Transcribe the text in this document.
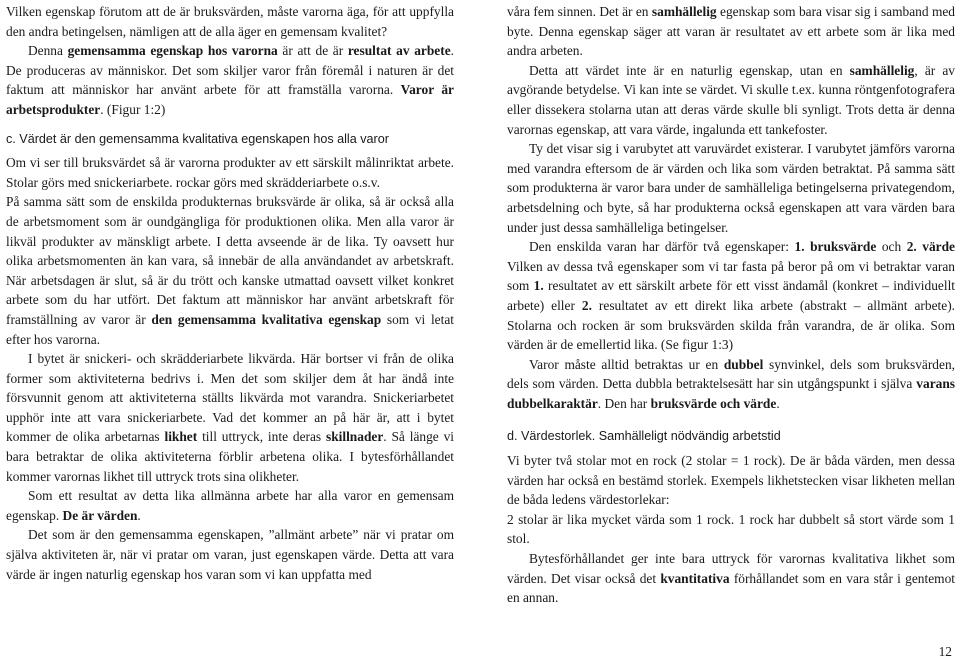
Vilken egenskap förutom att de är bruksvärden, måste varorna äga, för att uppfylla den andra betingelsen, nämligen att de alla äger en gemensam kvalitet?

Denna gemensamma egenskap hos varorna är att de är resultat av arbete. De produceras av människor. Det som skiljer varor från föremål i naturen är det faktum att människor har använt arbete för att framställa varorna. Varor är arbetsprodukter. (Figur 1:2)

c. Värdet är den gemensamma kvalitativa egenskapen hos alla varor

Om vi ser till bruksvärdet så är varorna produkter av ett särskilt målinriktat arbete. Stolar görs med snickeriarbete. rockar görs med skrädderiarbete o.s.v.

På samma sätt som de enskilda produkternas bruksvärde är olika, så är också alla de arbetsmoment som är oundgängliga för produktionen olika. Men alla varor är likväl produkter av mänskligt arbete. I detta avseende är de lika. Ty oavsett hur olika arbetsmomenten än kan vara, så innebär de alla användandet av arbetskraft. När arbetsdagen är slut, så är du trött och kanske utmattad oavsett vilket konkret arbete som du har utfört. Det faktum att människor har använt arbetskraft för framställning av varor är den gemensamma kvalitativa egenskap som vi letat efter hos varorna.

I bytet är snickeri- och skrädderiarbete likvärda. Här bortser vi från de olika former som aktiviteterna bedrivs i. Men det som skiljer dem åt har ändå inte försvunnit genom att aktiviteterna ställts likvärda mot varandra. Snickeriarbetet upphör inte att vara snickeriarbete. Vad det kommer an på här är, att i bytet kommer de olika arbetarnas likhet till uttryck, inte deras skillnader. Så länge vi bara betraktar de olika aktiviteterna förblir arbetena olika. I bytesförhållandet kommer varornas likhet till uttryck trots sina olikheter.

Som ett resultat av detta lika allmänna arbete har alla varor en gemensam egenskap. De är värden.

Det som är den gemensamma egenskapen, ”allmänt arbete” när vi pratar om själva aktiviteten är, när vi pratar om varan, just egenskapen värde. Detta att vara värde är ingen naturlig egenskap hos varan som vi kan uppfatta med

våra fem sinnen. Det är en samhällelig egenskap som bara visar sig i samband med byte. Denna egenskap säger att varan är resultatet av ett arbete som är lika med andra arbeten.

Detta att värdet inte är en naturlig egenskap, utan en samhällelig, är av avgörande betydelse. Vi kan inte se värdet. Vi skulle t.ex. kunna röntgenfotografera eller dissekera stolarna utan att deras värde skulle bli synligt. Trots detta är denna varornas egenskap, att vara värde, ingalunda ett tankefoster.

Ty det visar sig i varubytet att varuvärdet existerar. I varubytet jämförs varorna med varandra eftersom de är värden och lika som värden betraktat. På samma sätt som produkterna är varor bara under de samhälleliga betingelserna privategendom, arbetsdelning och byte, så har produkterna också egenskapen att vara värden bara under just dessa samhälleliga betingelser.

Den enskilda varan har därför två egenskaper: 1. bruksvärde och 2. värde Vilken av dessa två egenskaper som vi tar fasta på beror på om vi betraktar varan som 1. resultatet av ett särskilt arbete för ett visst ändamål (konkret – individuellt arbete) eller 2. resultatet av ett direkt lika arbete (abstrakt – allmänt arbete). Stolarna och rocken är som bruksvärden skilda från varandra, de är olika. Som värden är de emellertid lika. (Se figur 1:3)

Varor måste alltid betraktas ur en dubbel synvinkel, dels som bruksvärden, dels som värden. Detta dubbla betraktelsesätt har sin utgångspunkt i själva varans dubbelkaraktär. Den har bruksvärde och värde.

d. Värdestorlek. Samhälleligt nödvändig arbetstid

Vi byter två stolar mot en rock (2 stolar = 1 rock). De är båda värden, men dessa värden har också en bestämd storlek. Exempels likhetstecken visar likheten mellan de båda ledens värdestorlekar:

2 stolar är lika mycket värda som 1 rock. 1 rock har dubbelt så stort värde som 1 stol.

Bytesförhållandet ger inte bara uttryck för varornas kvalitativa likhet som värden. Det visar också det kvantitativa förhållandet som en vara står i gentemot en annan.

12
